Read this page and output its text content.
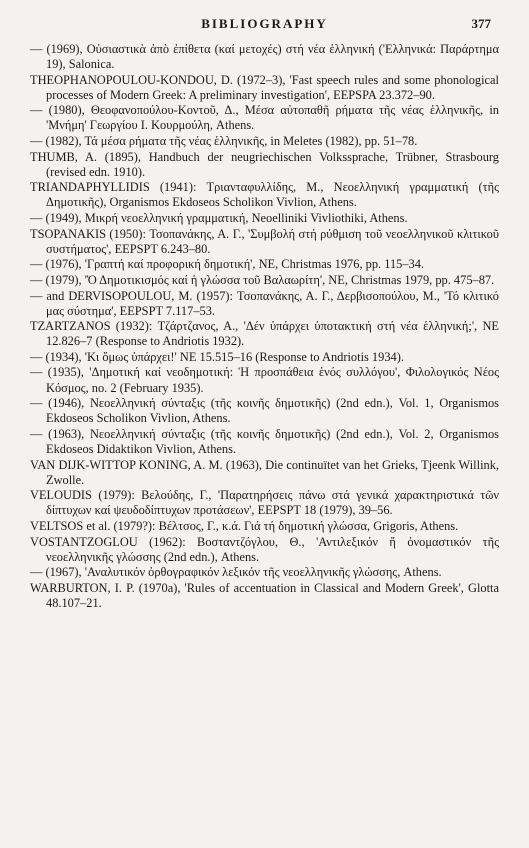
BIBLIOGRAPHY	377

— (1969), Οὐσιαστικὰ ἀπὸ ἐπίθετα (καί μετοχές) στή νέα ἑλληνική ('Ελληνικά: Παράρτημα 19), Salonica.

THEOPHANOPOULOU-KONDOU, D. (1972–3), 'Fast speech rules and some phonological processes of Modern Greek: A preliminary investigation', EEPSPA 23.372–90.

— (1980), Θεοφανοπούλου-Κοντοῦ, Δ., Μέσα αὐτοπαθῆ ρήματα τῆς νέας ἑλληνικῆς, in 'Μνήμη' Γεωργίου Ι. Κουρμούλη, Athens.

— (1982), Τά μέσα ρήματα τῆς νέας ἑλληνικῆς, in Meletes (1982), pp. 51–78.

THUMB, A. (1895), Handbuch der neugriechischen Volkssprache, Trübner, Strasbourg (revised edn. 1910).

TRIANDAPHYLLIDIS (1941): Τριανταφυλλίδης, Μ., Νεοελληνική γραμματική (τῆς Δημοτικῆς), Organismos Ekdoseos Scholikon Vivlion, Athens.

— (1949), Μικρή νεοελληνική γραμματική, Neoelliniki Vivliothiki, Athens.

TSOPANAKIS (1950): Τσοπανάκης, Α. Γ., 'Συμβολή στή ρύθμιση τοῦ νεοελληνικοῦ κλιτικοῦ συστήματος', EEPSPT 6.243–80.

— (1976), 'Γραπτή καί προφορική δημοτική', NE, Christmas 1976, pp. 115–34.

— (1979), 'Ὁ Δημοτικισμός καί ἡ γλώσσα τοῦ Βαλαωρίτη', NE, Christmas 1979, pp. 475–87.

— and DERVISOPOULOU, M. (1957): Τσοπανάκης, Α. Γ., Δερβισοπούλου, Μ., 'Τό κλιτικό μας σύστημα', EEPSPT 7.117–53.

TZARTZANOS (1932): Τζάρτζανος, Α., 'Δέν ὑπάρχει ὑποτακτική στή νέα ἑλληνική;', NE 12.826–7 (Response to Andriotis 1932).

— (1934), 'Κι ὅμως ὑπάρχει!' NE 15.515–16 (Response to Andriotis 1934).

— (1935), 'Δημοτική καί νεοδημοτική: Ἡ προσπάθεια ἑνός συλλόγου', Φιλολογικός Νέος Κόσμος, no. 2 (February 1935).

— (1946), Νεοελληνική σύνταξις (τῆς κοινῆς δημοτικῆς) (2nd edn.), Vol. 1, Organismos Ekdoseos Scholikon Vivlion, Athens.

— (1963), Νεοελληνική σύνταξις (τῆς κοινῆς δημοτικῆς) (2nd edn.), Vol. 2, Organismos Ekdoseos Didaktikon Vivlion, Athens.

VAN DIJK-WITTOP KONING, A. M. (1963), Die continuïtet van het Grieks, Tjeenk Willink, Zwolle.

VELOUDIS (1979): Βελούδης, Γ., 'Παρατηρήσεις πάνω στά γενικά χαρακτηριστικά τῶν δίπτυχων καί ψευδοδίπτυχων προτάσεων', EEPSPT 18 (1979), 39–56.

VELTSOS et al. (1979?): Βέλτσος, Γ., κ.ά. Γιά τή δημοτική γλώσσα, Grigoris, Athens.

VOSTANTZOGLOU (1962): Βοσταντζόγλου, Θ., 'Αντιλεξικόν ἤ ὀνομαστικόν τῆς νεοελληνικῆς γλώσσης (2nd edn.), Athens.

— (1967), 'Αναλυτικόν ὀρθογραφικόν λεξικόν τῆς νεοελληνικῆς γλώσσης, Athens.

WARBURTON, I. P. (1970a), 'Rules of accentuation in Classical and Modern Greek', Glotta 48.107–21.
